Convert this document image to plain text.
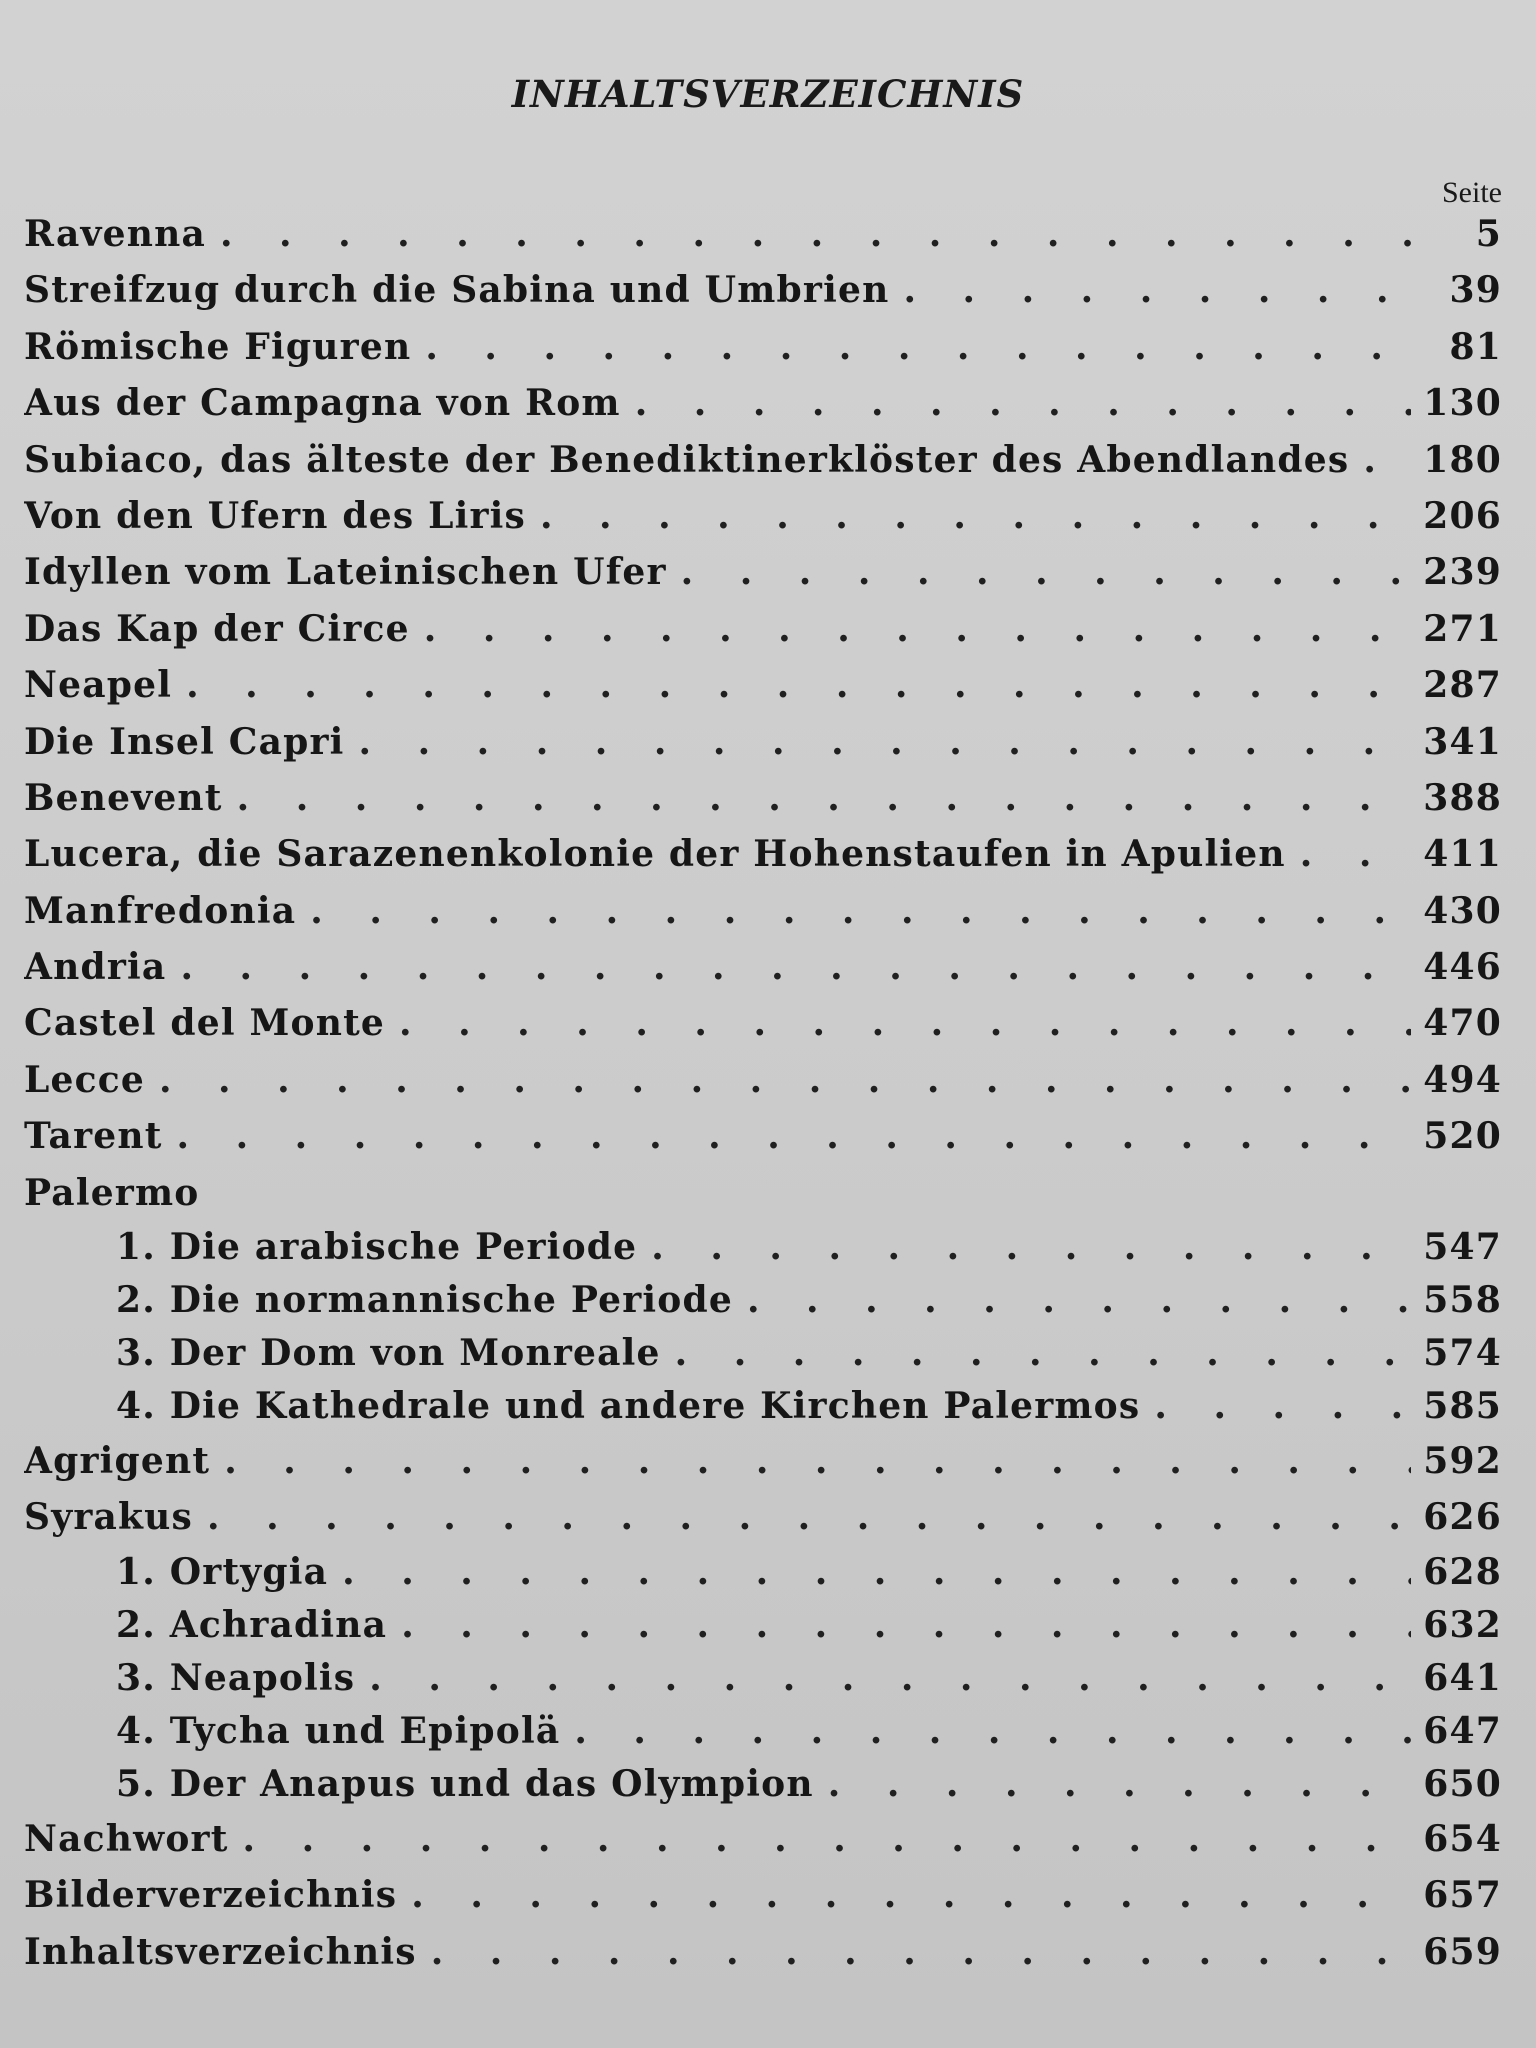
INHALTSVERZEICHNIS
Seite
Ravenna . . .	5
Streifzug durch die Sabina und Umbrien . . .	39
Römische Figuren . . .	81
Aus der Campagna von Rom . . .	130
Subiaco, das älteste der Benediktinerklöster des Abendlandes . . .	180
Von den Ufern des Liris . . .	206
Idyllen vom Lateinischen Ufer . . .	239
Das Kap der Circe . . .	271
Neapel . . .	287
Die Insel Capri . . .	341
Benevent . . .	388
Lucera, die Sarazenenkolonie der Hohenstaufen in Apulien . . .	411
Manfredonia . . .	430
Andria . . .	446
Castel del Monte . . .	470
Lecce . . .	494
Tarent . . .	520
Palermo
1. Die arabische Periode . . .	547
2. Die normannische Periode . . .	558
3. Der Dom von Monreale . . .	574
4. Die Kathedrale und andere Kirchen Palermos . . .	585
Agrigent . . .	592
Syrakus . . .	626
1. Ortygia . . .	628
2. Achradina . . .	632
3. Neapolis . . .	641
4. Tycha und Epipolä . . .	647
5. Der Anapus und das Olympion . . .	650
Nachwort . . .	654
Bilderverzeichnis . . .	657
Inhaltsverzeichnis . . .	659
